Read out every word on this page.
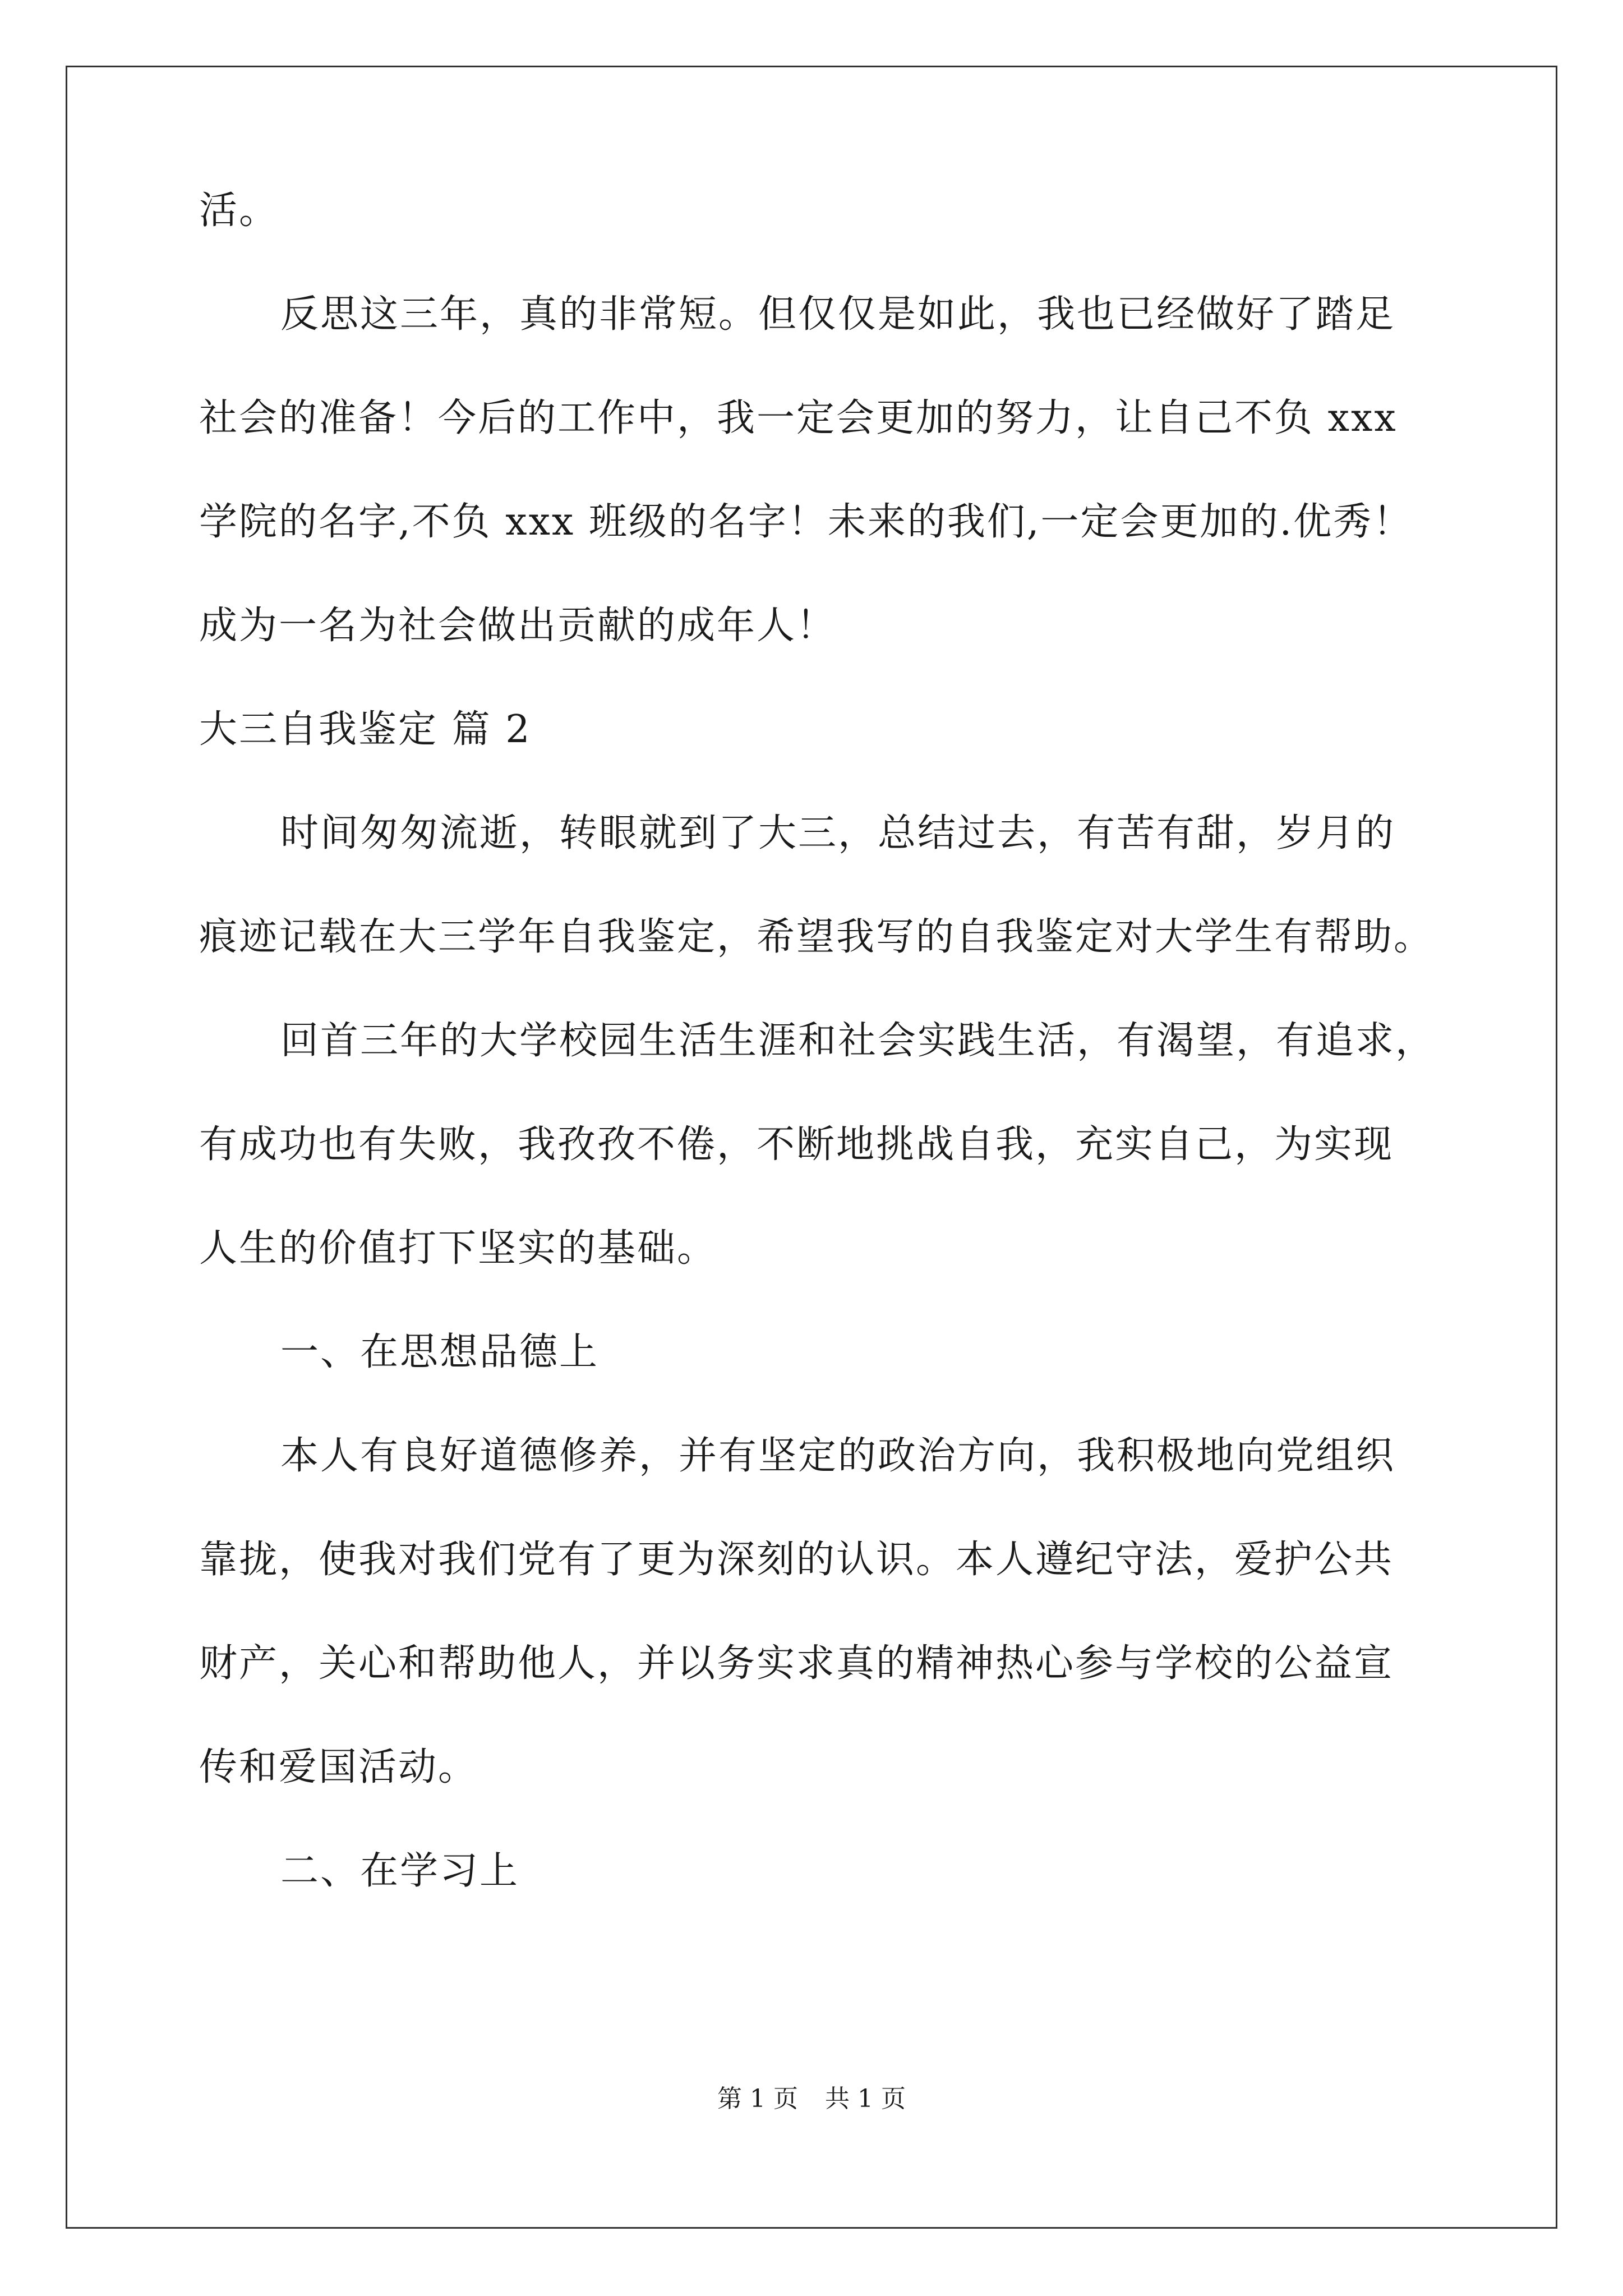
活。
反思这三年，真的非常短。但仅仅是如此，我也已经做好了踏足
社会的准备！今后的工作中，我一定会更加的努力，让自己不负 xxx
学院的名字,不负 xxx 班级的名字！未来的我们,一定会更加的.优秀！
成为一名为社会做出贡献的成年人！
大三自我鉴定 篇 2
时间匆匆流逝，转眼就到了大三，总结过去，有苦有甜，岁月的
痕迹记载在大三学年自我鉴定，希望我写的自我鉴定对大学生有帮助。
回首三年的大学校园生活生涯和社会实践生活，有渴望，有追求，
有成功也有失败，我孜孜不倦，不断地挑战自我，充实自己，为实现
人生的价值打下坚实的基础。
一、在思想品德上
本人有良好道德修养，并有坚定的政治方向，我积极地向党组织
靠拢，使我对我们党有了更为深刻的认识。本人遵纪守法，爱护公共
财产，关心和帮助他人，并以务实求真的精神热心参与学校的公益宣
传和爱国活动。
二、在学习上
第 1 页 共 1 页
